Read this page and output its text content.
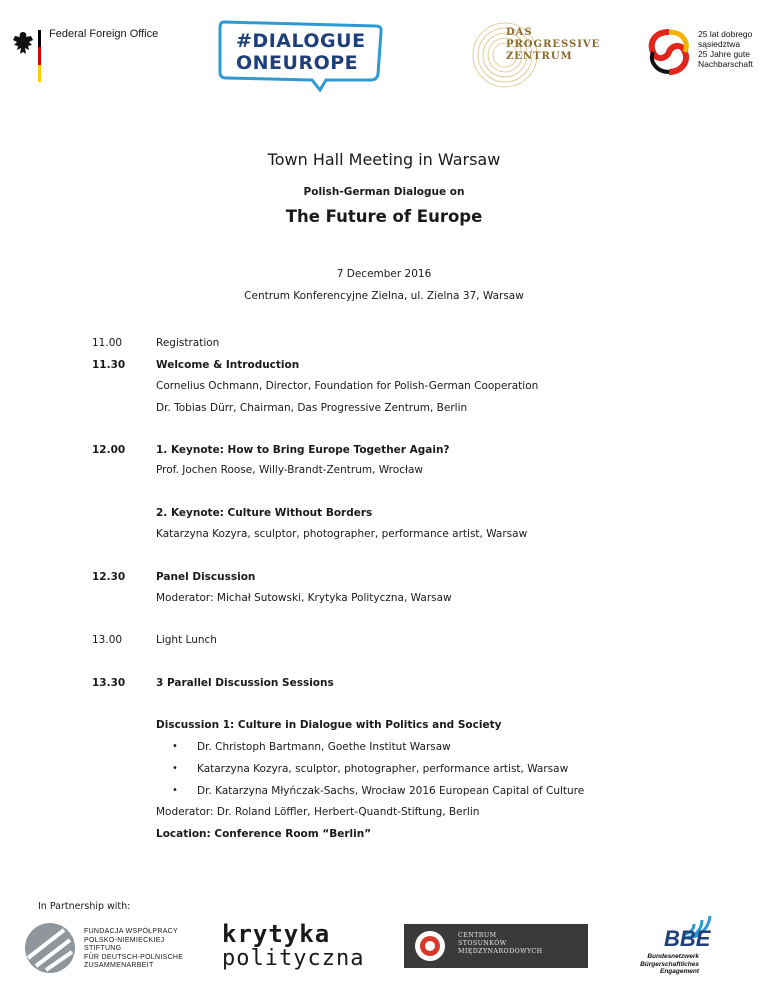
Federal Foreign Office	#DIALOGUE
ONEUROPE
DAS
PROGRESSIVE
ZENTRUM
25 lat dobrego
sąsiedztwa
25 Jahre gute
Nachbarschaft
Town Hall Meeting in Warsaw
Polish-German Dialogue on
The Future of Europe
7 December 2016
Centrum Konferencyjne Zielna, ul. Zielna 37, Warsaw
11.00	Registration
11.30	Welcome & Introduction
Cornelius Ochmann, Director, Foundation for Polish-German Cooperation
Dr. Tobias Dürr, Chairman, Das Progressive Zentrum, Berlin
12.00	1. Keynote: How to Bring Europe Together Again?
Prof. Jochen Roose, Willy-Brandt-Zentrum, Wrocław
2. Keynote: Culture Without Borders
Katarzyna Kozyra, sculptor, photographer, performance artist, Warsaw
12.30	Panel Discussion
Moderator: Michał Sutowski, Krytyka Polityczna, Warsaw
13.00	Light Lunch
13.30	3 Parallel Discussion Sessions
Discussion 1: Culture in Dialogue with Politics and Society
• Dr. Christoph Bartmann, Goethe Institut Warsaw
• Katarzyna Kozyra, sculptor, photographer, performance artist, Warsaw
• Dr. Katarzyna Młyńczak-Sachs, Wrocław 2016 European Capital of Culture
Moderator: Dr. Roland Löffler, Herbert-Quandt-Stiftung, Berlin
Location: Conference Room “Berlin”
In Partnership with:
FUNDACJA WSPÓŁPRACY
POLSKO-NIEMIECKIEJ
STIFTUNG
FÜR DEUTSCH-POLNISCHE
ZUSAMMENARBEIT
krytyka
polityczna
CENTRUM
STOSUNKÓW
MIĘDZYNARODOWYCH
BBE
Bundesnetzwerk
Bürgerschaftliches
Engagement
